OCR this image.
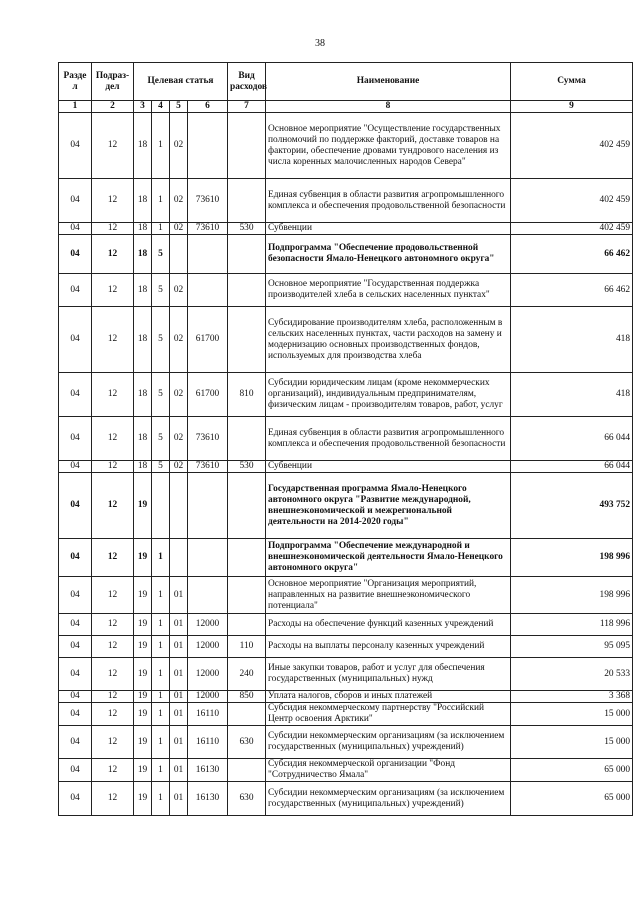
38
Разде л	Подраз- дел	Целевая статья				Вид расходов	Наименование	Сумма
1	2	3	4	5	6	7	8	9
04	12	18	1	02			Основное мероприятие "Осуществление государственных полномочий по поддержке факторий, доставке товаров на фактории, обеспечение дровами тундрового населения из числа коренных малочисленных народов Севера"	402 459
04	12	18	1	02	73610		Единая субвенция в области развития агропромышленного комплекса и обеспечения продовольственной безопасности	402 459
04	12	18	1	02	73610	530	Субвенции	402 459
04	12	18	5				Подпрограмма "Обеспечение продовольственной безопасности Ямало-Ненецкого автономного округа"	66 462
04	12	18	5	02			Основное мероприятие "Государственная поддержка производителей хлеба в сельских населенных пунктах"	66 462
04	12	18	5	02	61700		Субсидирование производителям хлеба, расположенным в сельских населенных пунктах, части расходов на замену и модернизацию основных производственных фондов, используемых для производства хлеба	418
04	12	18	5	02	61700	810	Субсидии юридическим лицам (кроме некоммерческих организаций), индивидуальным предпринимателям, физическим лицам - производителям товаров, работ, услуг	418
04	12	18	5	02	73610		Единая субвенция в области развития агропромышленного комплекса и обеспечения продовольственной безопасности	66 044
04	12	18	5	02	73610	530	Субвенции	66 044
04	12	19					Государственная программа Ямало-Ненецкого автономного округа "Развитие международной, внешнеэкономической и межрегиональной деятельности на 2014-2020 годы"	493 752
04	12	19	1				Подпрограмма "Обеспечение международной и внешнеэкономической деятельности Ямало-Ненецкого автономного округа"	198 996
04	12	19	1	01			Основное мероприятие "Организация мероприятий, направленных на развитие внешнеэкономического потенциала"	198 996
04	12	19	1	01	12000		Расходы на обеспечение функций казенных учреждений	118 996
04	12	19	1	01	12000	110	Расходы на выплаты персоналу казенных учреждений	95 095
04	12	19	1	01	12000	240	Иные закупки товаров, работ и услуг для обеспечения государственных (муниципальных) нужд	20 533
04	12	19	1	01	12000	850	Уплата налогов, сборов и иных платежей	3 368
04	12	19	1	01	16110		Субсидия некоммерческому партнерству "Российский Центр освоения Арктики"	15 000
04	12	19	1	01	16110	630	Субсидии некоммерческим организациям (за исключением государственных (муниципальных) учреждений)	15 000
04	12	19	1	01	16130		Субсидия некоммерческой организации "Фонд "Сотрудничество Ямала"	65 000
04	12	19	1	01	16130	630	Субсидии некоммерческим организациям (за исключением государственных (муниципальных) учреждений)	65 000
